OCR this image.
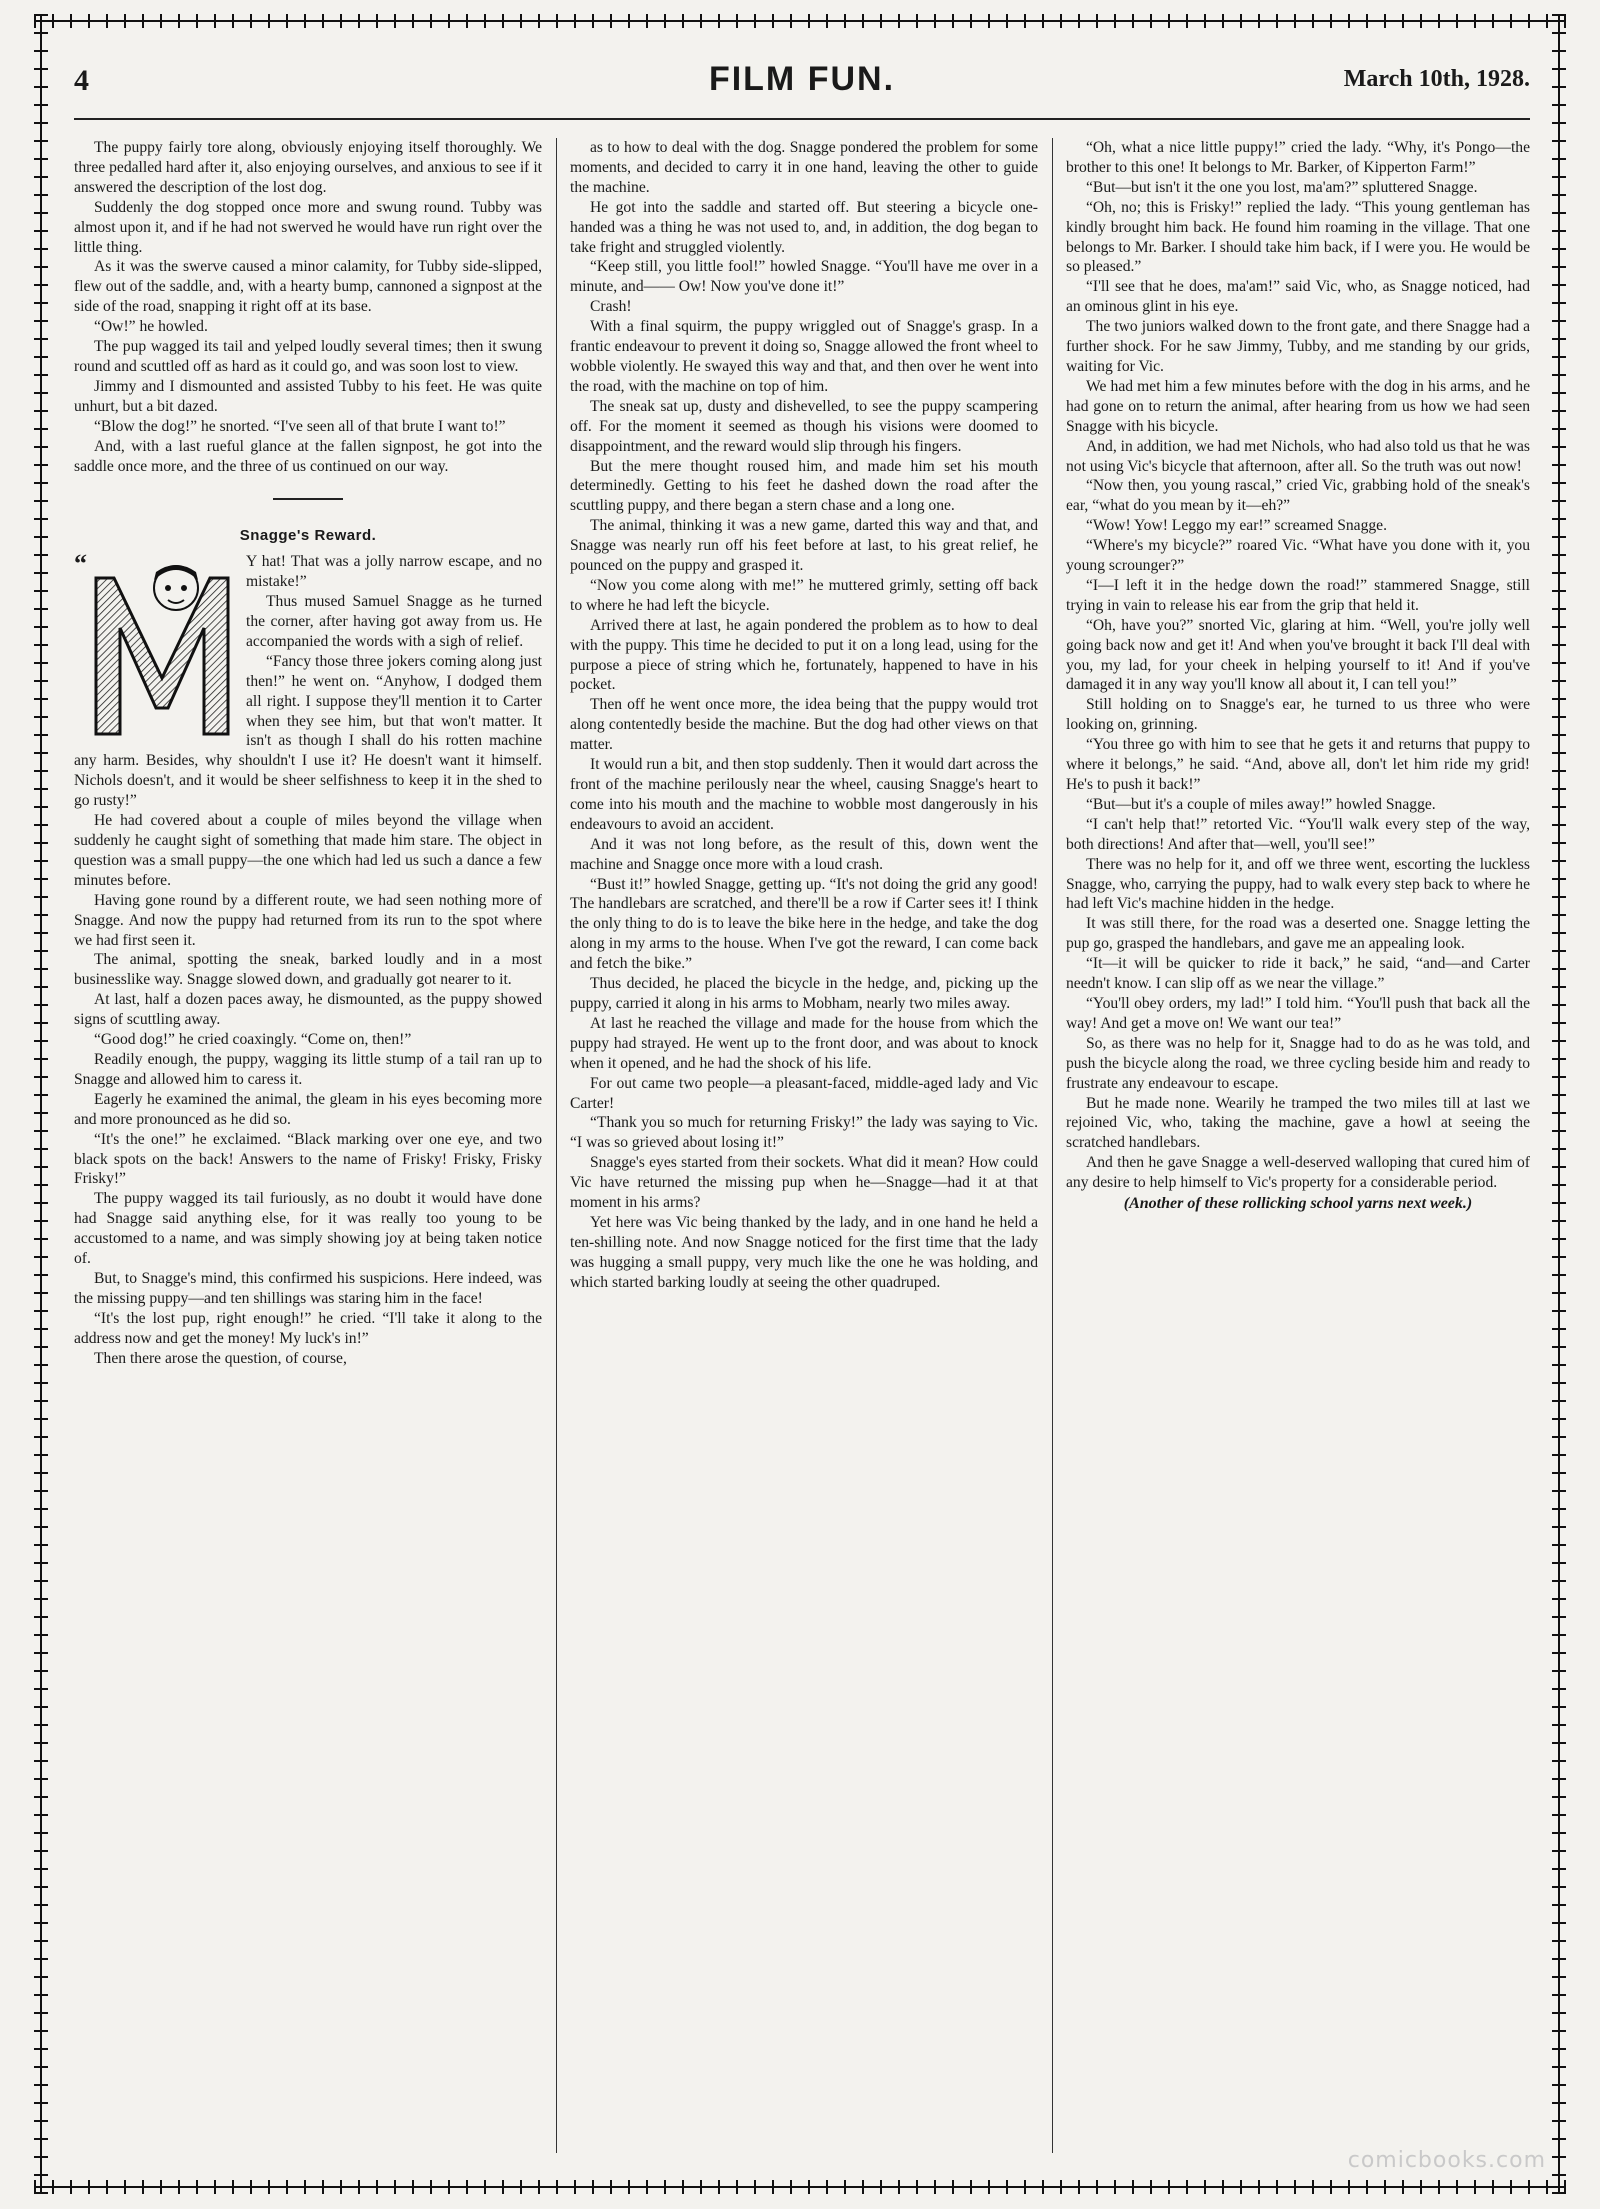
4	FILM FUN.	March 10th, 1928.

The puppy fairly tore along, obviously enjoying itself thoroughly. We three pedalled hard after it, also enjoying ourselves, and anxious to see if it answered the description of the lost dog.

Suddenly the dog stopped once more and swung round. Tubby was almost upon it, and if he had not swerved he would have run right over the little thing.

As it was the swerve caused a minor calamity, for Tubby side-slipped, flew out of the saddle, and, with a hearty bump, cannoned a signpost at the side of the road, snapping it right off at its base.

“Ow!” he howled.

The pup wagged its tail and yelped loudly several times; then it swung round and scuttled off as hard as it could go, and was soon lost to view.

Jimmy and I dismounted and assisted Tubby to his feet. He was quite unhurt, but a bit dazed.

“Blow the dog!” he snorted. “I've seen all of that brute I want to!”

And, with a last rueful glance at the fallen signpost, he got into the saddle once more, and the three of us continued on our way.

Snagge's Reward.
“	Y hat! That was a jolly narrow escape, and no mistake!”

Thus mused Samuel Snagge as he turned the corner, after having got away from us. He accompanied the words with a sigh of relief.

“Fancy those three jokers coming along just then!” he went on. “Anyhow, I dodged them all right. I suppose they'll mention it to Carter when they see him, but that won't matter. It isn't as though I shall do his rotten machine any harm. Besides, why shouldn't I use it? He doesn't want it himself. Nichols doesn't, and it would be sheer selfishness to keep it in the shed to go rusty!”

He had covered about a couple of miles beyond the village when suddenly he caught sight of something that made him stare. The object in question was a small puppy—the one which had led us such a dance a few minutes before.

Having gone round by a different route, we had seen nothing more of Snagge. And now the puppy had returned from its run to the spot where we had first seen it.

The animal, spotting the sneak, barked loudly and in a most businesslike way. Snagge slowed down, and gradually got nearer to it.

At last, half a dozen paces away, he dismounted, as the puppy showed signs of scuttling away.

“Good dog!” he cried coaxingly. “Come on, then!”

Readily enough, the puppy, wagging its little stump of a tail ran up to Snagge and allowed him to caress it.

Eagerly he examined the animal, the gleam in his eyes becoming more and more pronounced as he did so.

“It's the one!” he exclaimed. “Black marking over one eye, and two black spots on the back! Answers to the name of Frisky! Frisky, Frisky Frisky!”

The puppy wagged its tail furiously, as no doubt it would have done had Snagge said anything else, for it was really too young to be accustomed to a name, and was simply showing joy at being taken notice of.

But, to Snagge's mind, this confirmed his suspicions. Here indeed, was the missing puppy—and ten shillings was staring him in the face!

“It's the lost pup, right enough!” he cried. “I'll take it along to the address now and get the money! My luck's in!”

Then there arose the question, of course,

as to how to deal with the dog. Snagge pondered the problem for some moments, and decided to carry it in one hand, leaving the other to guide the machine.

He got into the saddle and started off. But steering a bicycle one-handed was a thing he was not used to, and, in addition, the dog began to take fright and struggled violently.

“Keep still, you little fool!” howled Snagge. “You'll have me over in a minute, and—— Ow! Now you've done it!”

Crash!

With a final squirm, the puppy wriggled out of Snagge's grasp. In a frantic endeavour to prevent it doing so, Snagge allowed the front wheel to wobble violently. He swayed this way and that, and then over he went into the road, with the machine on top of him.

The sneak sat up, dusty and dishevelled, to see the puppy scampering off. For the moment it seemed as though his visions were doomed to disappointment, and the reward would slip through his fingers.

But the mere thought roused him, and made him set his mouth determinedly. Getting to his feet he dashed down the road after the scuttling puppy, and there began a stern chase and a long one.

The animal, thinking it was a new game, darted this way and that, and Snagge was nearly run off his feet before at last, to his great relief, he pounced on the puppy and grasped it.

“Now you come along with me!” he muttered grimly, setting off back to where he had left the bicycle.

Arrived there at last, he again pondered the problem as to how to deal with the puppy. This time he decided to put it on a long lead, using for the purpose a piece of string which he, fortunately, happened to have in his pocket.

Then off he went once more, the idea being that the puppy would trot along contentedly beside the machine. But the dog had other views on that matter.

It would run a bit, and then stop suddenly. Then it would dart across the front of the machine perilously near the wheel, causing Snagge's heart to come into his mouth and the machine to wobble most dangerously in his endeavours to avoid an accident.

And it was not long before, as the result of this, down went the machine and Snagge once more with a loud crash.

“Bust it!” howled Snagge, getting up. “It's not doing the grid any good! The handlebars are scratched, and there'll be a row if Carter sees it! I think the only thing to do is to leave the bike here in the hedge, and take the dog along in my arms to the house. When I've got the reward, I can come back and fetch the bike.”

Thus decided, he placed the bicycle in the hedge, and, picking up the puppy, carried it along in his arms to Mobham, nearly two miles away.

At last he reached the village and made for the house from which the puppy had strayed. He went up to the front door, and was about to knock when it opened, and he had the shock of his life.

For out came two people—a pleasant-faced, middle-aged lady and Vic Carter!

“Thank you so much for returning Frisky!” the lady was saying to Vic. “I was so grieved about losing it!”

Snagge's eyes started from their sockets. What did it mean? How could Vic have returned the missing pup when he—Snagge—had it at that moment in his arms?

Yet here was Vic being thanked by the lady, and in one hand he held a ten-shilling note. And now Snagge noticed for the first time that the lady was hugging a small puppy, very much like the one he was holding, and which started barking loudly at seeing the other quadruped.

“Oh, what a nice little puppy!” cried the lady. “Why, it's Pongo—the brother to this one! It belongs to Mr. Barker, of Kipperton Farm!”

“But—but isn't it the one you lost, ma'am?” spluttered Snagge.

“Oh, no; this is Frisky!” replied the lady. “This young gentleman has kindly brought him back. He found him roaming in the village. That one belongs to Mr. Barker. I should take him back, if I were you. He would be so pleased.”

“I'll see that he does, ma'am!” said Vic, who, as Snagge noticed, had an ominous glint in his eye.

The two juniors walked down to the front gate, and there Snagge had a further shock. For he saw Jimmy, Tubby, and me standing by our grids, waiting for Vic.

We had met him a few minutes before with the dog in his arms, and he had gone on to return the animal, after hearing from us how we had seen Snagge with his bicycle.

And, in addition, we had met Nichols, who had also told us that he was not using Vic's bicycle that afternoon, after all. So the truth was out now!

“Now then, you young rascal,” cried Vic, grabbing hold of the sneak's ear, “what do you mean by it—eh?”

“Wow! Yow! Leggo my ear!” screamed Snagge.

“Where's my bicycle?” roared Vic. “What have you done with it, you young scrounger?”

“I—I left it in the hedge down the road!” stammered Snagge, still trying in vain to release his ear from the grip that held it.

“Oh, have you?” snorted Vic, glaring at him. “Well, you're jolly well going back now and get it! And when you've brought it back I'll deal with you, my lad, for your cheek in helping yourself to it! And if you've damaged it in any way you'll know all about it, I can tell you!”

Still holding on to Snagge's ear, he turned to us three who were looking on, grinning.

“You three go with him to see that he gets it and returns that puppy to where it belongs,” he said. “And, above all, don't let him ride my grid! He's to push it back!”

“But—but it's a couple of miles away!” howled Snagge.

“I can't help that!” retorted Vic. “You'll walk every step of the way, both directions! And after that—well, you'll see!”

There was no help for it, and off we three went, escorting the luckless Snagge, who, carrying the puppy, had to walk every step back to where he had left Vic's machine hidden in the hedge.

It was still there, for the road was a deserted one. Snagge letting the pup go, grasped the handlebars, and gave me an appealing look.

“It—it will be quicker to ride it back,” he said, “and—and Carter needn't know. I can slip off as we near the village.”

“You'll obey orders, my lad!” I told him. “You'll push that back all the way! And get a move on! We want our tea!”

So, as there was no help for it, Snagge had to do as he was told, and push the bicycle along the road, we three cycling beside him and ready to frustrate any endeavour to escape.

But he made none. Wearily he tramped the two miles till at last we rejoined Vic, who, taking the machine, gave a howl at seeing the scratched handlebars.

And then he gave Snagge a well-deserved walloping that cured him of any desire to help himself to Vic's property for a considerable period.

(Another of these rollicking school yarns next week.)

comicbooks.com
